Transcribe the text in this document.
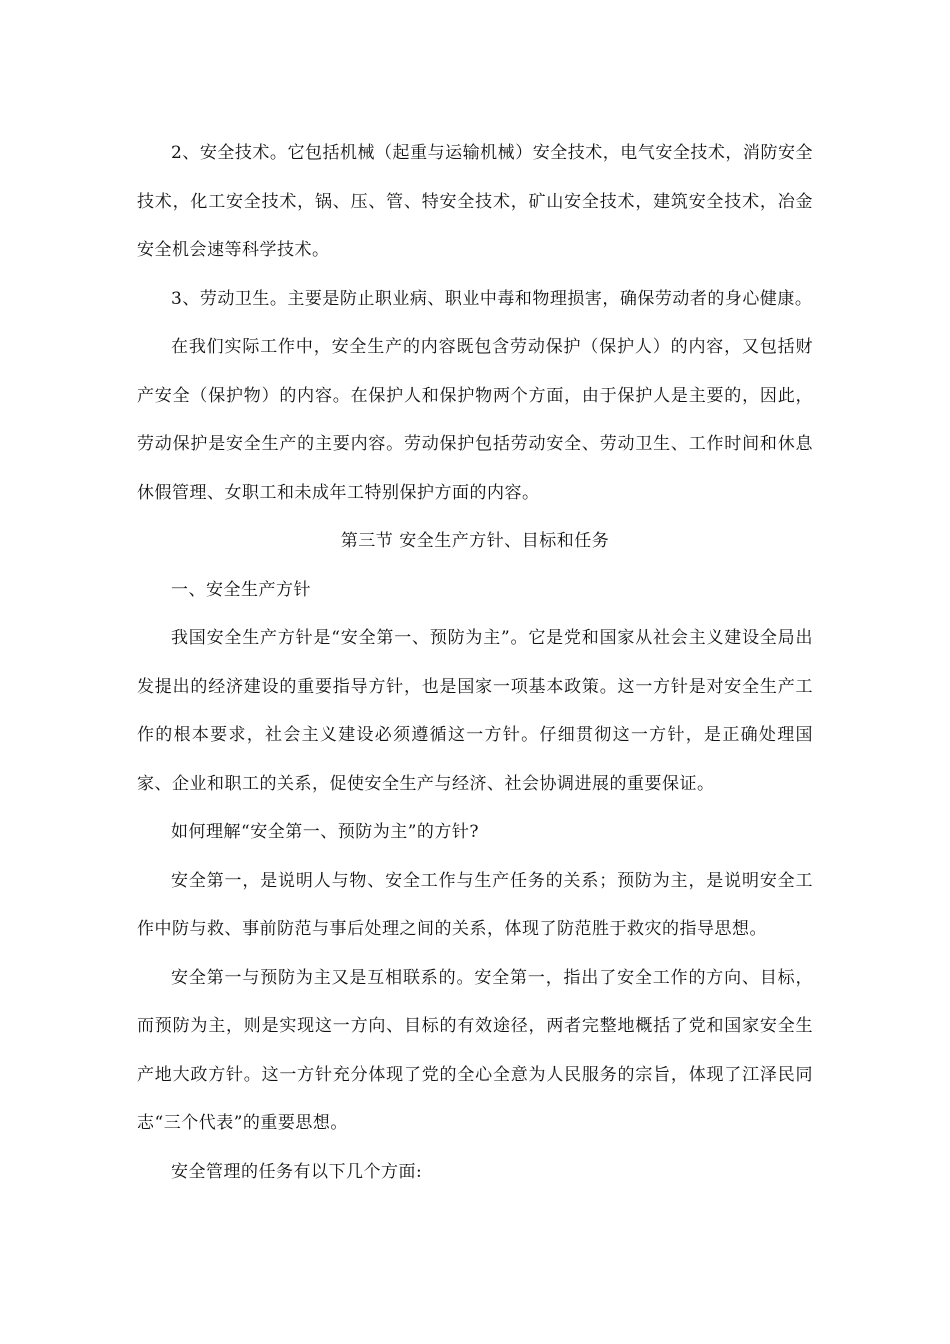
2、安全技术。它包括机械（起重与运输机械）安全技术，电气安全技术，消防安全技术，化工安全技术，锅、压、管、特安全技术，矿山安全技术，建筑安全技术，冶金安全机会速等科学技术。

3、劳动卫生。主要是防止职业病、职业中毒和物理损害，确保劳动者的身心健康。

在我们实际工作中，安全生产的内容既包含劳动保护（保护人）的内容，又包括财产安全（保护物）的内容。在保护人和保护物两个方面，由于保护人是主要的，因此，劳动保护是安全生产的主要内容。劳动保护包括劳动安全、劳动卫生、工作时间和休息休假管理、女职工和未成年工特别保护方面的内容。

第三节 安全生产方针、目标和任务

一、安全生产方针

我国安全生产方针是“安全第一、预防为主”。它是党和国家从社会主义建设全局出发提出的经济建设的重要指导方针，也是国家一项基本政策。这一方针是对安全生产工作的根本要求，社会主义建设必须遵循这一方针。仔细贯彻这一方针，是正确处理国家、企业和职工的关系，促使安全生产与经济、社会协调进展的重要保证。

如何理解“安全第一、预防为主”的方针?

安全第一，是说明人与物、安全工作与生产任务的关系；预防为主，是说明安全工作中防与救、事前防范与事后处理之间的关系，体现了防范胜于救灾的指导思想。

安全第一与预防为主又是互相联系的。安全第一，指出了安全工作的方向、目标，而预防为主，则是实现这一方向、目标的有效途径，两者完整地概括了党和国家安全生产地大政方针。这一方针充分体现了党的全心全意为人民服务的宗旨，体现了江泽民同志“三个代表”的重要思想。

安全管理的任务有以下几个方面:
